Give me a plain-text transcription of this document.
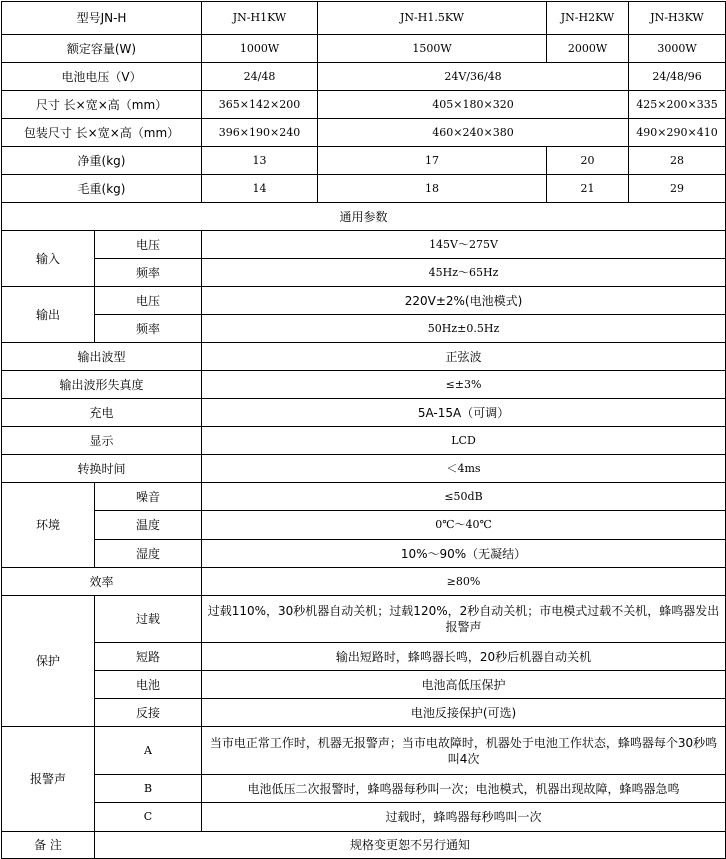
型号JN-H		JN-H1KW	JN-H1.5KW	JN-H2KW	JN-H3KW	
额定容量(W)		1000W	1500W	2000W	3000W	
电池电压（V）		24/48	24V/36/48		24/48/96	
尺寸 长×宽×高（mm）		365×142×200	405×180×320		425×200×335	
包装尺寸 长×宽×高（mm）		396×190×240	460×240×380		490×290×410	
净重(kg)		13	17	20	28	
毛重(kg)		14	18	21	29	
通用参数						
输入	电压	145V～275V				
	频率	45Hz～65Hz				
输出	电压	220V±2%(电池模式)				
	频率	50Hz±0.5Hz				
输出波型		正弦波				
输出波形失真度		≤±3%				
充电		5A-15A（可调）				
显示		LCD				
转换时间		＜4ms				
环境	噪音	≤50dB				
	温度	0℃～40℃				
	湿度	10%～90%（无凝结）				
效率		≥80%				
保护	过载	过载110%，30秒机器自动关机；过载120%，2秒自动关机；市电模式过载不关机，蜂鸣器发出报警声				
	短路	输出短路时，蜂鸣器长鸣，20秒后机器自动关机				
	电池	电池高低压保护				
	反接	电池反接保护(可选)				
报警声	A	当市电正常工作时，机器无报警声；当市电故障时，机器处于电池工作状态，蜂鸣器每个30秒鸣叫4次				
	B	电池低压二次报警时，蜂鸣器每秒叫一次；电池模式，机器出现故障，蜂鸣器急鸣				
	C	过载时，蜂鸣器每秒鸣叫一次				
备 注	规格变更恕不另行通知					
